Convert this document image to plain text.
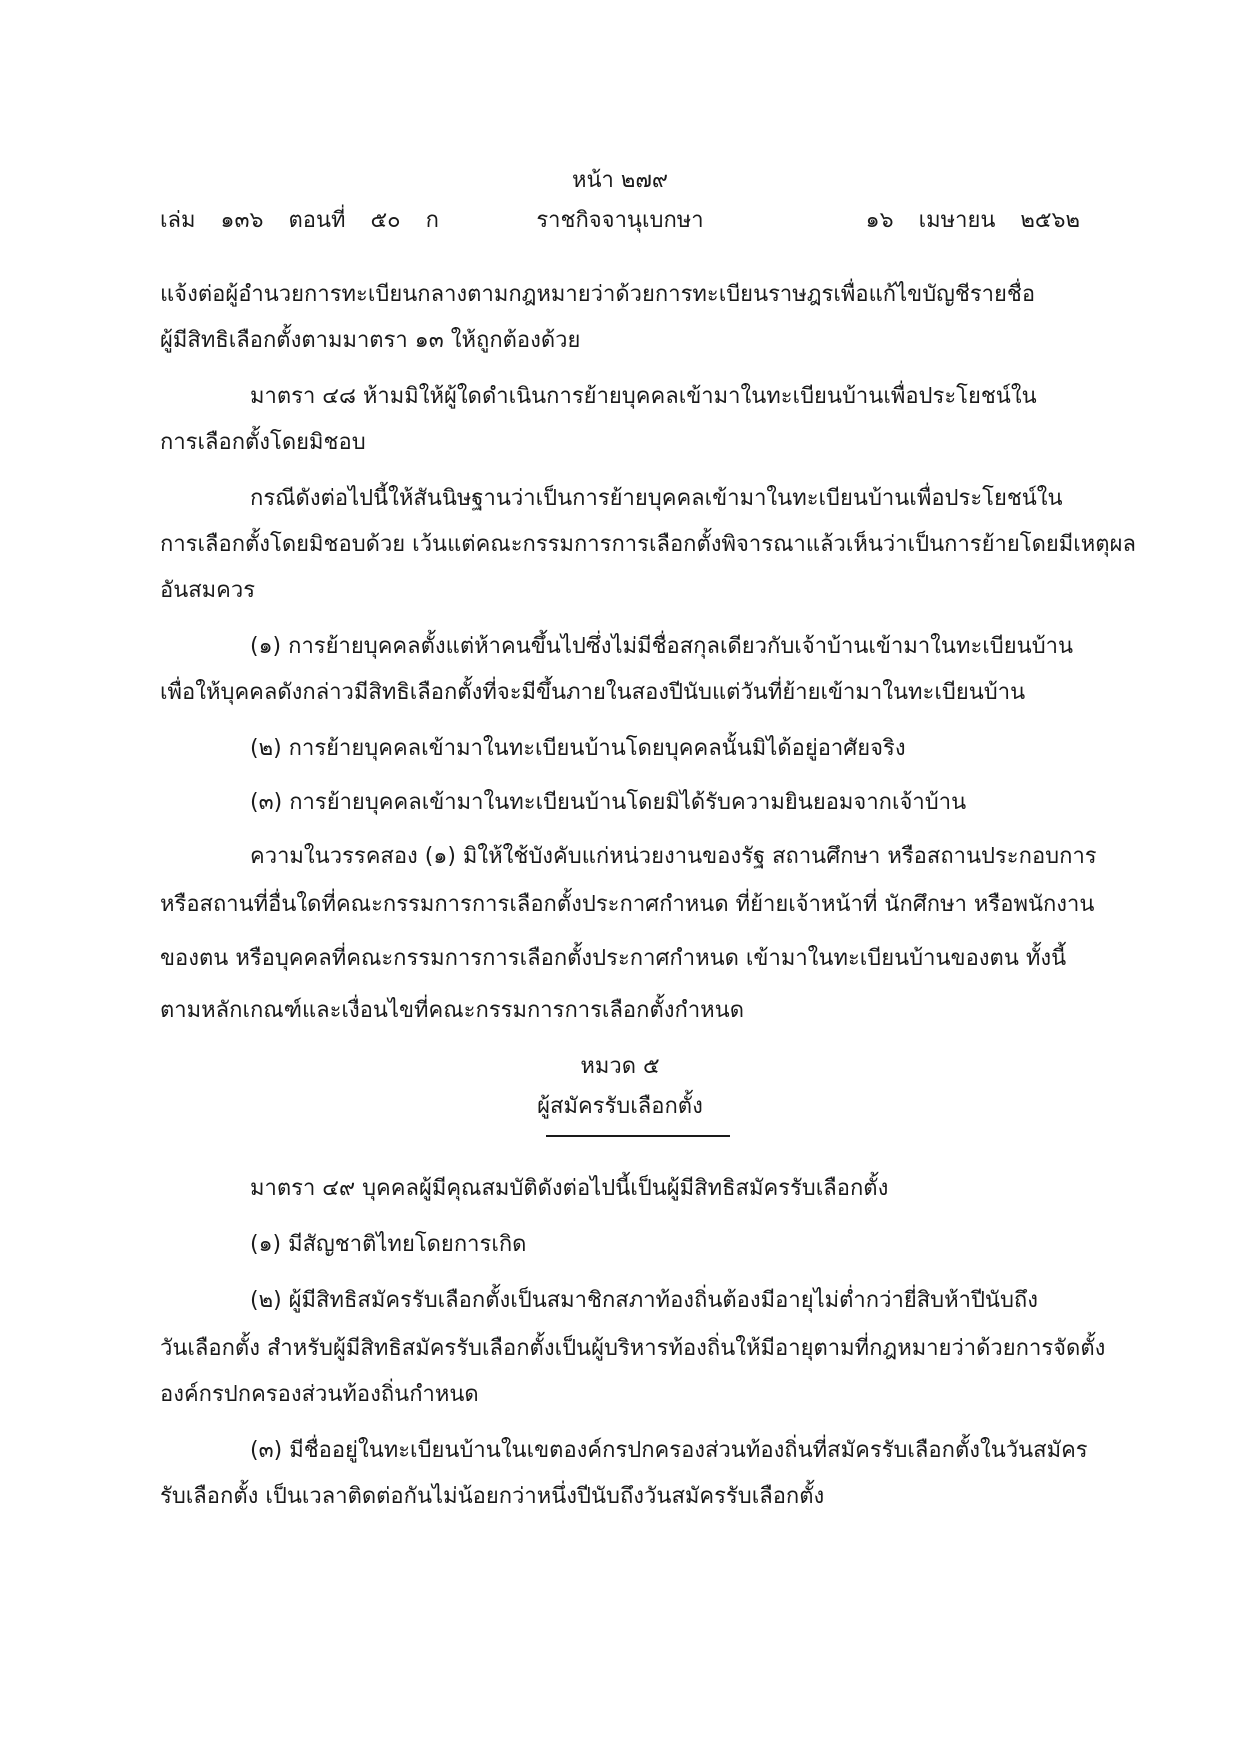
หน้า ๒๗๙
เล่ม ๑๓๖ ตอนที่ ๕๐ ก	ราชกิจจานุเบกษา	๑๖ เมษายน ๒๕๖๒
แจ้งต่อผู้อำนวยการทะเบียนกลางตามกฎหมายว่าด้วยการทะเบียนราษฎรเพื่อแก้ไขบัญชีรายชื่อ
ผู้มีสิทธิเลือกตั้งตามมาตรา ๑๓ ให้ถูกต้องด้วย
มาตรา ๔๘ ห้ามมิให้ผู้ใดดำเนินการย้ายบุคคลเข้ามาในทะเบียนบ้านเพื่อประโยชน์ใน
การเลือกตั้งโดยมิชอบ
กรณีดังต่อไปนี้ให้สันนิษฐานว่าเป็นการย้ายบุคคลเข้ามาในทะเบียนบ้านเพื่อประโยชน์ใน
การเลือกตั้งโดยมิชอบด้วย เว้นแต่คณะกรรมการการเลือกตั้งพิจารณาแล้วเห็นว่าเป็นการย้ายโดยมีเหตุผล
อันสมควร
(๑) การย้ายบุคคลตั้งแต่ห้าคนขึ้นไปซึ่งไม่มีชื่อสกุลเดียวกับเจ้าบ้านเข้ามาในทะเบียนบ้าน
เพื่อให้บุคคลดังกล่าวมีสิทธิเลือกตั้งที่จะมีขึ้นภายในสองปีนับแต่วันที่ย้ายเข้ามาในทะเบียนบ้าน
(๒) การย้ายบุคคลเข้ามาในทะเบียนบ้านโดยบุคคลนั้นมิได้อยู่อาศัยจริง
(๓) การย้ายบุคคลเข้ามาในทะเบียนบ้านโดยมิได้รับความยินยอมจากเจ้าบ้าน
ความในวรรคสอง (๑) มิให้ใช้บังคับแก่หน่วยงานของรัฐ สถานศึกษา หรือสถานประกอบการ
หรือสถานที่อื่นใดที่คณะกรรมการการเลือกตั้งประกาศกำหนด ที่ย้ายเจ้าหน้าที่ นักศึกษา หรือพนักงาน
ของตน หรือบุคคลที่คณะกรรมการการเลือกตั้งประกาศกำหนด เข้ามาในทะเบียนบ้านของตน ทั้งนี้
ตามหลักเกณฑ์และเงื่อนไขที่คณะกรรมการการเลือกตั้งกำหนด
หมวด ๕
ผู้สมัครรับเลือกตั้ง
มาตรา ๔๙ บุคคลผู้มีคุณสมบัติดังต่อไปนี้เป็นผู้มีสิทธิสมัครรับเลือกตั้ง
(๑) มีสัญชาติไทยโดยการเกิด
(๒) ผู้มีสิทธิสมัครรับเลือกตั้งเป็นสมาชิกสภาท้องถิ่นต้องมีอายุไม่ต่ำกว่ายี่สิบห้าปีนับถึง
วันเลือกตั้ง สำหรับผู้มีสิทธิสมัครรับเลือกตั้งเป็นผู้บริหารท้องถิ่นให้มีอายุตามที่กฎหมายว่าด้วยการจัดตั้ง
องค์กรปกครองส่วนท้องถิ่นกำหนด
(๓) มีชื่ออยู่ในทะเบียนบ้านในเขตองค์กรปกครองส่วนท้องถิ่นที่สมัครรับเลือกตั้งในวันสมัคร
รับเลือกตั้ง เป็นเวลาติดต่อกันไม่น้อยกว่าหนึ่งปีนับถึงวันสมัครรับเลือกตั้ง
